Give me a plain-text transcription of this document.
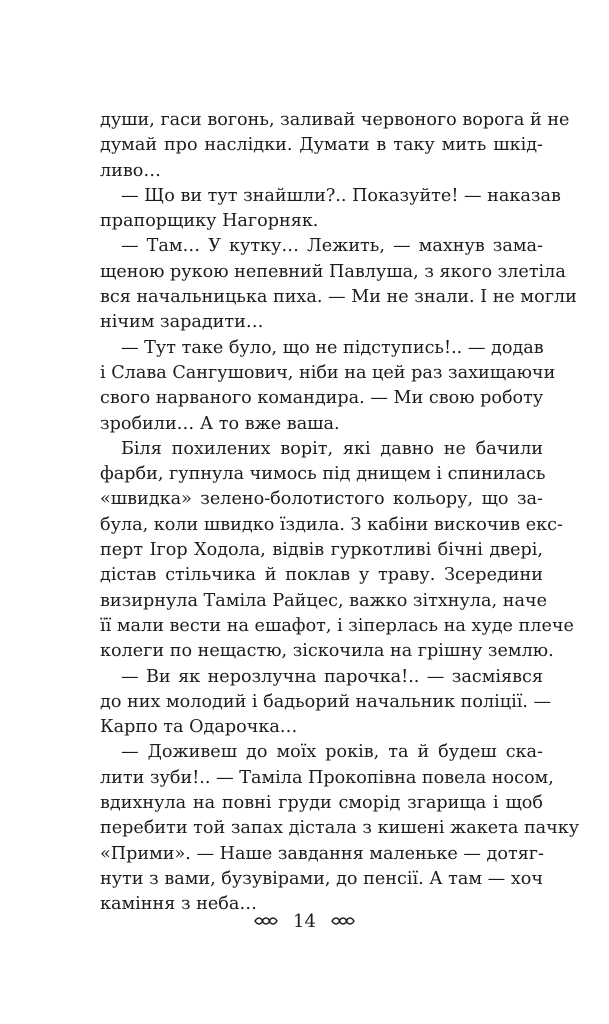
души, гаси вогонь, заливай червоного ворога й не
думай про наслідки. Думати в таку мить шкід-
ливо…
— Що ви тут знайшли?.. Показуйте! — наказав
прапорщику Нагорняк.
— Там… У кутку… Лежить, — махнув зама-
щеною рукою непевний Павлуша, з якого злетіла
вся начальницька пиха. — Ми не знали. І не могли
нічим зарадити…
— Тут таке було, що не підступись!.. — додав
і Слава Сангушович, ніби на цей раз захищаючи
свого нарваного командира. — Ми свою роботу
зробили… А то вже ваша.
Біля похилених воріт, які давно не бачили
фарби, гупнула чимось під днищем і спинилась
«швидка» зелено-болотистого кольору, що за-
була, коли швидко їздила. З кабіни вискочив екс-
перт Ігор Ходола, відвів гуркотливі бічні двері,
дістав стільчика й поклав у траву. Зсередини
визирнула Таміла Райцес, важко зітхнула, наче
її мали вести на ешафот, і зіперлась на худе плече
колеги по нещастю, зіскочила на грішну землю.
— Ви як нерозлучна парочка!.. — засміявся
до них молодий і бадьорий начальник поліції. —
Карпо та Одарочка…
— Доживеш до моїх років, та й будеш ска-
лити зуби!.. — Таміла Прокопівна повела носом,
вдихнула на повні груди сморід згарища і щоб
перебити той запах дістала з кишені жакета пачку
«Прими». — Наше завдання маленьке — дотяг-
нути з вами, бузувірами, до пенсії. А там — хоч
каміння з неба…
14
